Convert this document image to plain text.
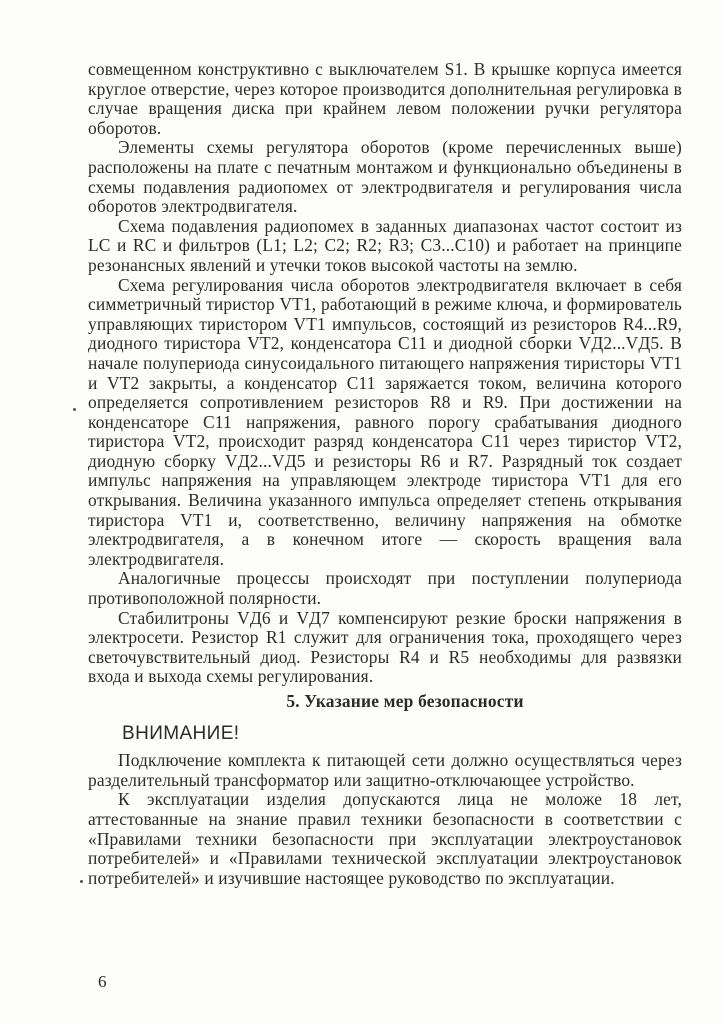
совмещенном конструктивно с выключателем S1. В крышке корпуса имеется круглое отверстие, через которое производится дополнительная регулировка в случае вращения диска при крайнем левом положении ручки регулятора оборотов.

Элементы схемы регулятора оборотов (кроме перечисленных выше) расположены на плате с печатным монтажом и функционально объединены в схемы подавления радиопомех от электродвигателя и регулирования числа оборотов электродвигателя.

Схема подавления радиопомех в заданных диапазонах частот состоит из LC и RC и фильтров (L1; L2; C2; R2; R3; C3...C10) и работает на принципе резонансных явлений и утечки токов высокой частоты на землю.

Схема регулирования числа оборотов электродвигателя включает в себя симметричный тиристор VT1, работающий в режиме ключа, и формирователь управляющих тиристором VT1 импульсов, состоящий из резисторов R4...R9, диодного тиристора VT2, конденсатора C11 и диодной сборки VД2...VД5. В начале полупериода синусоидального питающего напряжения тиристоры VT1 и VT2 закрыты, а конденсатор C11 заряжается током, величина которого определяется сопротивлением резисторов R8 и R9. При достижении на конденсаторе C11 напряжения, равного порогу срабатывания диодного тиристора VT2, происходит разряд конденсатора C11 через тиристор VT2, диодную сборку VД2...VД5 и резисторы R6 и R7. Разрядный ток создает импульс напряжения на управляющем электроде тиристора VT1 для его открывания. Величина указанного импульса определяет степень открывания тиристора VT1 и, соответственно, величину напряжения на обмотке электродвигателя, а в конечном итоге — скорость вращения вала электродвигателя.

Аналогичные процессы происходят при поступлении полупериода противоположной полярности.

Стабилитроны VД6 и VД7 компенсируют резкие броски напряжения в электросети. Резистор R1 служит для ограничения тока, проходящего через светочувствительный диод. Резисторы R4 и R5 необходимы для развязки входа и выхода схемы регулирования.

5. Указание мер безопасности
ВНИМАНИЕ!

Подключение комплекта к питающей сети должно осуществляться через разделительный трансформатор или защитно-отключающее устройство.

К эксплуатации изделия допускаются лица не моложе 18 лет, аттестованные на знание правил техники безопасности в соответствии с «Правилами техники безопасности при эксплуатации электроустановок потребителей» и «Правилами технической эксплуатации электроустановок потребителей» и изучившие настоящее руководство по эксплуатации.

6
